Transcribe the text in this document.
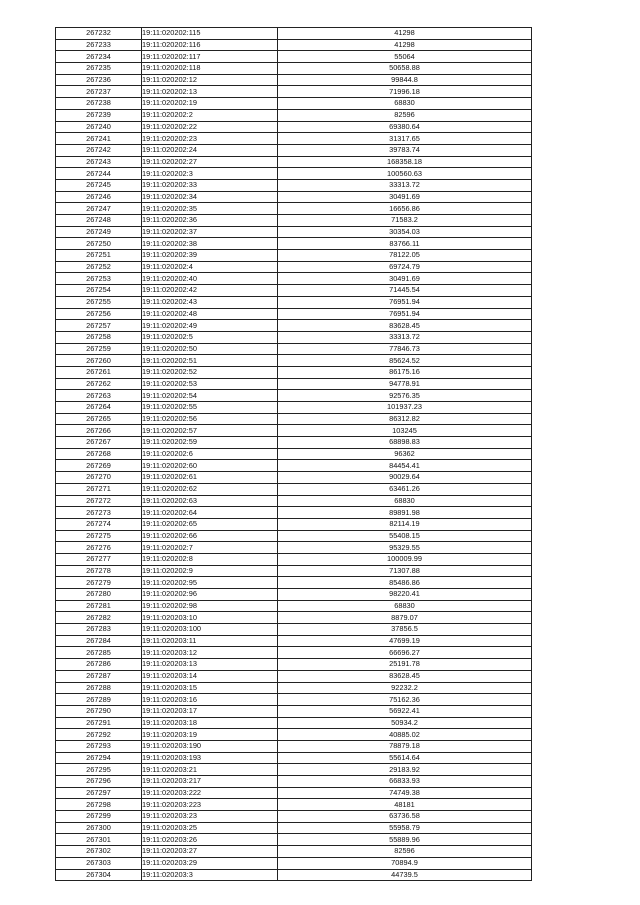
267232	19:11:020202:115	41298
267233	19:11:020202:116	41298
267234	19:11:020202:117	55064
267235	19:11:020202:118	50658.88
267236	19:11:020202:12	99844.8
267237	19:11:020202:13	71996.18
267238	19:11:020202:19	68830
267239	19:11:020202:2	82596
267240	19:11:020202:22	69380.64
267241	19:11:020202:23	31317.65
267242	19:11:020202:24	39783.74
267243	19:11:020202:27	168358.18
267244	19:11:020202:3	100560.63
267245	19:11:020202:33	33313.72
267246	19:11:020202:34	30491.69
267247	19:11:020202:35	16656.86
267248	19:11:020202:36	71583.2
267249	19:11:020202:37	30354.03
267250	19:11:020202:38	83766.11
267251	19:11:020202:39	78122.05
267252	19:11:020202:4	69724.79
267253	19:11:020202:40	30491.69
267254	19:11:020202:42	71445.54
267255	19:11:020202:43	76951.94
267256	19:11:020202:48	76951.94
267257	19:11:020202:49	83628.45
267258	19:11:020202:5	33313.72
267259	19:11:020202:50	77846.73
267260	19:11:020202:51	85624.52
267261	19:11:020202:52	86175.16
267262	19:11:020202:53	94778.91
267263	19:11:020202:54	92576.35
267264	19:11:020202:55	101937.23
267265	19:11:020202:56	86312.82
267266	19:11:020202:57	103245
267267	19:11:020202:59	68898.83
267268	19:11:020202:6	96362
267269	19:11:020202:60	84454.41
267270	19:11:020202:61	90029.64
267271	19:11:020202:62	63461.26
267272	19:11:020202:63	68830
267273	19:11:020202:64	89891.98
267274	19:11:020202:65	82114.19
267275	19:11:020202:66	55408.15
267276	19:11:020202:7	95329.55
267277	19:11:020202:8	100009.99
267278	19:11:020202:9	71307.88
267279	19:11:020202:95	85486.86
267280	19:11:020202:96	98220.41
267281	19:11:020202:98	68830
267282	19:11:020203:10	8879.07
267283	19:11:020203:100	37856.5
267284	19:11:020203:11	47699.19
267285	19:11:020203:12	66696.27
267286	19:11:020203:13	25191.78
267287	19:11:020203:14	83628.45
267288	19:11:020203:15	92232.2
267289	19:11:020203:16	75162.36
267290	19:11:020203:17	56922.41
267291	19:11:020203:18	50934.2
267292	19:11:020203:19	40885.02
267293	19:11:020203:190	78879.18
267294	19:11:020203:193	55614.64
267295	19:11:020203:21	29183.92
267296	19:11:020203:217	66833.93
267297	19:11:020203:222	74749.38
267298	19:11:020203:223	48181
267299	19:11:020203:23	63736.58
267300	19:11:020203:25	55958.79
267301	19:11:020203:26	55889.96
267302	19:11:020203:27	82596
267303	19:11:020203:29	70894.9
267304	19:11:020203:3	44739.5
